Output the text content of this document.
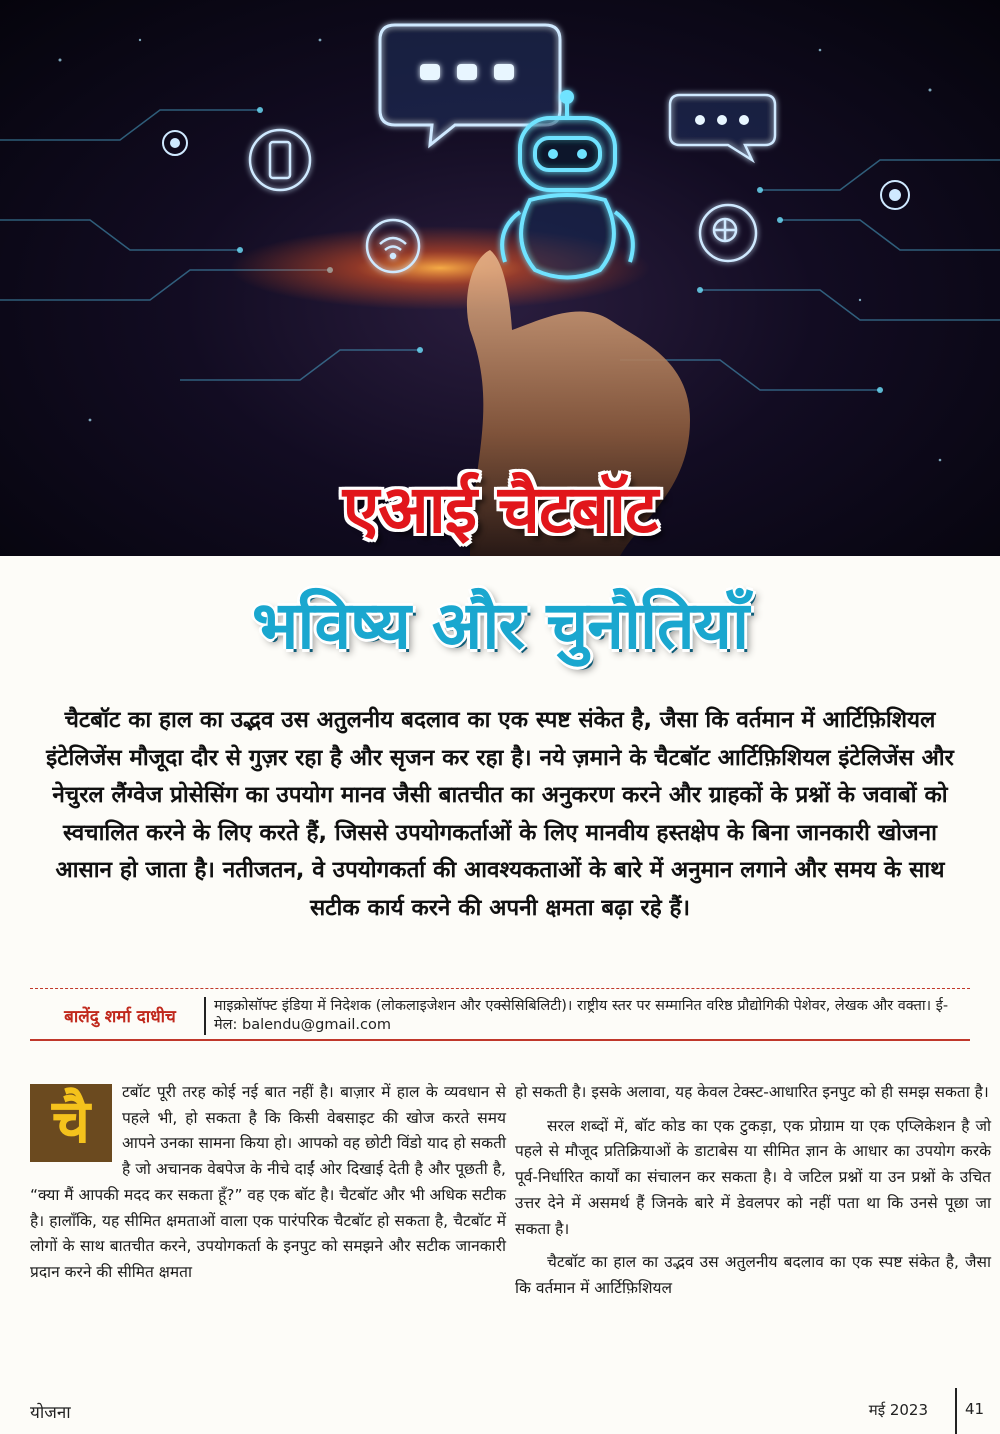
एआई चैटबॉट
भविष्य और चुनौतियाँ
चैटबॉट का हाल का उद्भव उस अतुलनीय बदलाव का एक स्पष्ट संकेत है, जैसा कि वर्तमान में आर्टिफ़िशियल इंटेलिजेंस मौजूदा दौर से गुज़र रहा है और सृजन कर रहा है। नये ज़माने के चैटबॉट आर्टिफ़िशियल इंटेलिजेंस और नेचुरल लैंग्वेज प्रोसेसिंग का उपयोग मानव जैसी बातचीत का अनुकरण करने और ग्राहकों के प्रश्नों के जवाबों को स्वचालित करने के लिए करते हैं, जिससे उपयोगकर्ताओं के लिए मानवीय हस्तक्षेप के बिना जानकारी खोजना आसान हो जाता है। नतीजतन, वे उपयोगकर्ता की आवश्यकताओं के बारे में अनुमान लगाने और समय के साथ सटीक कार्य करने की अपनी क्षमता बढ़ा रहे हैं।
बालेंदु शर्मा दाधीच
माइक्रोसॉफ्ट इंडिया में निदेशक (लोकलाइजेशन और एक्सेसिबिलिटी)। राष्ट्रीय स्तर पर सम्मानित वरिष्ठ प्रौद्योगिकी पेशेवर, लेखक और वक्ता। ई-मेल: balendu@gmail.com
चै	टबॉट पूरी तरह कोई नई बात नहीं है। बाज़ार में हाल के व्यवधान से पहले भी, हो सकता है कि किसी वेबसाइट की खोज करते समय आपने उनका सामना किया हो। आपको वह छोटी विंडो याद हो सकती है जो अचानक वेबपेज के नीचे दाईं ओर दिखाई देती है और पूछती है, “क्या मैं आपकी मदद कर सकता हूँ?” वह एक बॉट है। चैटबॉट और भी अधिक सटीक है। हालाँकि, यह सीमित क्षमताओं वाला एक पारंपरिक चैटबॉट हो सकता है, चैटबॉट में लोगों के साथ बातचीत करने, उपयोगकर्ता के इनपुट को समझने और सटीक जानकारी प्रदान करने की सीमित क्षमता

हो सकती है। इसके अलावा, यह केवल टेक्स्ट-आधारित इनपुट को ही समझ सकता है।

सरल शब्दों में, बॉट कोड का एक टुकड़ा, एक प्रोग्राम या एक एप्लिकेशन है जो पहले से मौजूद प्रतिक्रियाओं के डाटाबेस या सीमित ज्ञान के आधार का उपयोग करके पूर्व-निर्धारित कार्यों का संचालन कर सकता है। वे जटिल प्रश्नों या उन प्रश्नों के उचित उत्तर देने में असमर्थ हैं जिनके बारे में डेवलपर को नहीं पता था कि उनसे पूछा जा सकता है।

चैटबॉट का हाल का उद्भव उस अतुलनीय बदलाव का एक स्पष्ट संकेत है, जैसा कि वर्तमान में आर्टिफ़िशियल

योजना	मई 2023 41
